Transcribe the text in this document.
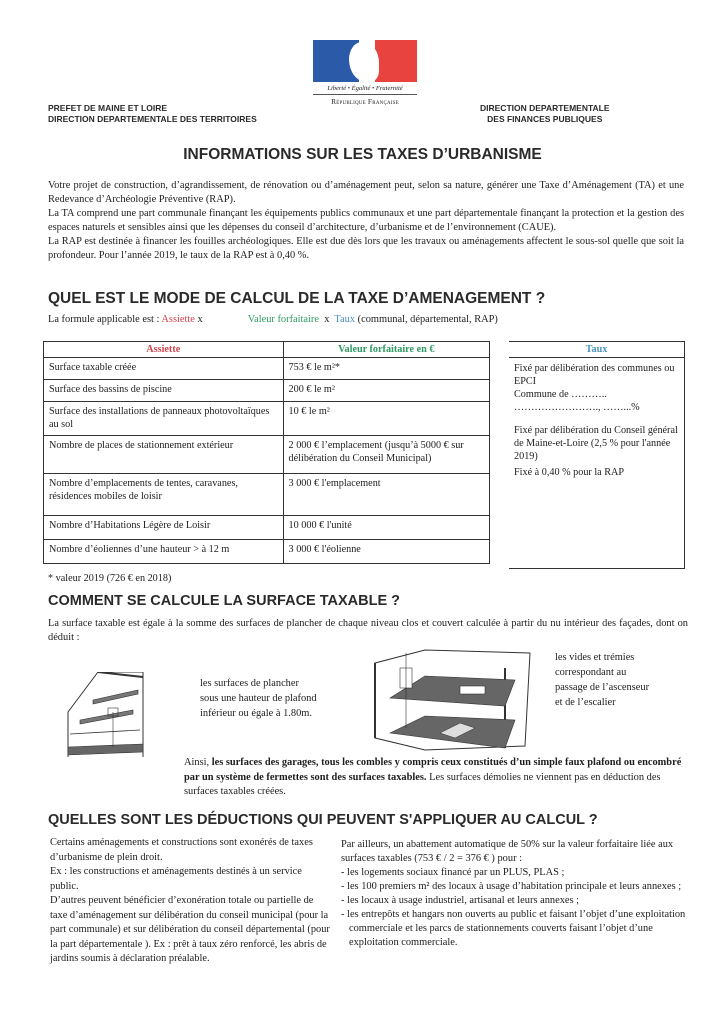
Liberté • Égalité • Fraternité
République Française
PREFET DE MAINE ET LOIRE
DIRECTION DEPARTEMENTALE DES TERRITOIRES
DIRECTION DEPARTEMENTALE
DES FINANCES PUBLIQUES
INFORMATIONS SUR LES TAXES D’URBANISME
Votre projet de construction, d’agrandissement, de rénovation ou d’aménagement peut, selon sa nature, générer une Taxe d’Aménagement (TA) et une Redevance d’Archéologie Préventive (RAP).
La TA comprend une part communale finançant les équipements publics communaux et une part départementale finançant la protection et la gestion des espaces naturels et sensibles ainsi que les dépenses du conseil d’architecture, d’urbanisme et de l’environnement (CAUE).
La RAP est destinée à financer les fouilles archéologiques. Elle est due dès lors que les travaux ou aménagements affectent le sous-sol quelle que soit la profondeur. Pour l’année 2019, le taux de la RAP est à 0,40 %.
QUEL EST LE MODE DE CALCUL DE LA TAXE D’AMENAGEMENT ?
La formule applicable est : Assiette x	Valeur forfaitaire x Taux (communal, départemental, RAP)
Assiette	Valeur forfaitaire en €
Surface taxable créée	753 € le m²*
Surface des bassins de piscine	200 € le m²
Surface des installations de panneaux photovoltaïques au sol	10 € le m²
Nombre de places de stationnement extérieur	2 000 € l’emplacement (jusqu’à 5000 € sur délibération du Conseil Municipal)
Nombre d’emplacements de tentes, caravanes, résidences mobiles de loisir	3 000 € l'emplacement
Nombre d’Habitations Légère de Loisir	10 000 € l'unité
Nombre d’éoliennes d’une hauteur > à 12 m	3 000 € l'éolienne
Taux
Fixé par délibération des communes ou EPCI
Commune de ………..
……………………., ……...%
Fixé par délibération du Conseil général de Maine-et-Loire (2,5 % pour l'année 2019)
Fixé à 0,40 % pour la RAP
* valeur 2019 (726 € en 2018)
COMMENT SE CALCULE LA SURFACE TAXABLE ?
La surface taxable est égale à la somme des surfaces de plancher de chaque niveau clos et couvert calculée à partir du nu intérieur des façades, dont on déduit :
les surfaces de plancher sous une hauteur de plafond inférieur ou égale à 1.80m.
les vides et trémies correspondant au passage de l’ascenseur et de l’escalier
Ainsi, les surfaces des garages, tous les combles y compris ceux constitués d’un simple faux plafond ou encombré par un système de fermettes sont des surfaces taxables. Les surfaces démolies ne viennent pas en déduction des surfaces taxables créées.
QUELLES SONT LES DÉDUCTIONS QUI PEUVENT S'APPLIQUER AU CALCUL ?
Certains aménagements et constructions sont exonérés de taxes d’urbanisme de plein droit.
Ex : les constructions et aménagements destinés à un service public.
D’autres peuvent bénéficier d’exonération totale ou partielle de taxe d’aménagement sur délibération du conseil municipal (pour la part communale) et sur délibération du conseil départemental (pour la part départementale ). Ex : prêt à taux zéro renforcé, les abris de jardins soumis à déclaration préalable.
Par ailleurs, un abattement automatique de 50% sur la valeur forfaitaire liée aux surfaces taxables (753 € / 2 = 376 € ) pour :
- les logements sociaux financé par un PLUS, PLAS ;
- les 100 premiers m² des locaux à usage d’habitation principale et leurs annexes ;
- les locaux à usage industriel, artisanal et leurs annexes ;
- les entrepôts et hangars non ouverts au public et faisant l’objet d’une exploitation commerciale et les parcs de stationnements couverts faisant l’objet d’une exploitation commerciale.
